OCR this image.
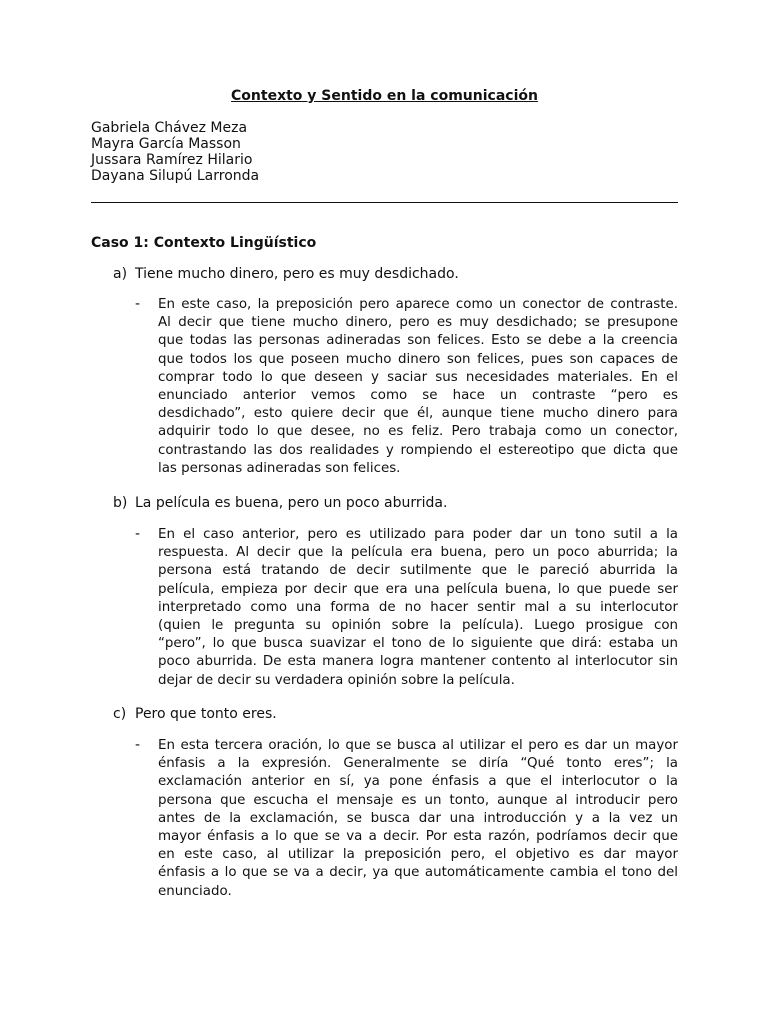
Contexto y Sentido en la comunicación
Gabriela Chávez Meza
Mayra García Masson
Jussara Ramírez Hilario
Dayana Silupú Larronda
Caso 1: Contexto Lingüístico
a) Tiene mucho dinero, pero es muy desdichado.
- En este caso, la preposición pero aparece como un conector de contraste.
Al decir que tiene mucho dinero, pero es muy desdichado; se presupone
que todas las personas adineradas son felices. Esto se debe a la creencia
que todos los que poseen mucho dinero son felices, pues son capaces de
comprar todo lo que deseen y saciar sus necesidades materiales. En el
enunciado anterior vemos como se hace un contraste “pero es
desdichado”, esto quiere decir que él, aunque tiene mucho dinero para
adquirir todo lo que desee, no es feliz. Pero trabaja como un conector,
contrastando las dos realidades y rompiendo el estereotipo que dicta que
las personas adineradas son felices.
b) La película es buena, pero un poco aburrida.
- En el caso anterior, pero es utilizado para poder dar un tono sutil a la
respuesta. Al decir que la película era buena, pero un poco aburrida; la
persona está tratando de decir sutilmente que le pareció aburrida la
película, empieza por decir que era una película buena, lo que puede ser
interpretado como una forma de no hacer sentir mal a su interlocutor
(quien le pregunta su opinión sobre la película). Luego prosigue con
“pero”, lo que busca suavizar el tono de lo siguiente que dirá: estaba un
poco aburrida. De esta manera logra mantener contento al interlocutor sin
dejar de decir su verdadera opinión sobre la película.
c) Pero que tonto eres.
- En esta tercera oración, lo que se busca al utilizar el pero es dar un mayor
énfasis a la expresión. Generalmente se diría “Qué tonto eres”; la
exclamación anterior en sí, ya pone énfasis a que el interlocutor o la
persona que escucha el mensaje es un tonto, aunque al introducir pero
antes de la exclamación, se busca dar una introducción y a la vez un
mayor énfasis a lo que se va a decir. Por esta razón, podríamos decir que
en este caso, al utilizar la preposición pero, el objetivo es dar mayor
énfasis a lo que se va a decir, ya que automáticamente cambia el tono del
enunciado.
